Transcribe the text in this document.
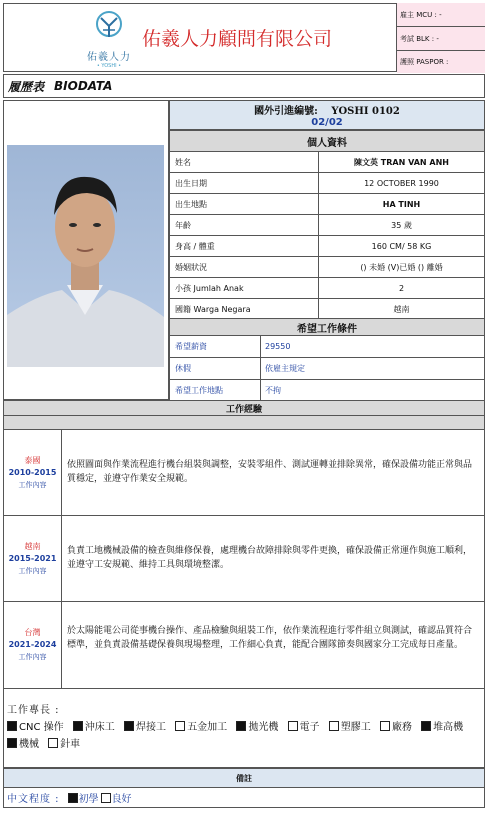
佑羲人力
• YOSHI •
佑羲人力顧問有限公司
雇主 MCU : -
考試 BLK : -
護照 PASPOR :
履歷表 BIODATA
國外引進編號: YOSHI 0102
02/02
個人資料
姓名	陳文英 TRAN VAN ANH
出生日期	12 OCTOBER 1990
出生地點	HA TINH
年齡	35 歲
身高 / 體重	160 CM/ 58 KG
婚姻狀況	() 未婚 (V)已婚 () 離婚
小孩 Jumlah Anak	2
國籍 Warga Negara	越南
希望工作條件
希望薪資	29550
休假	依雇主規定
希望工作地點	不拘
工作經驗
泰國
2010-2015
工作內容
依照圖面與作業流程進行機台組裝與調整，安裝零組件、測試運轉並排除異常，確保設備功能正常與品質穩定，並遵守作業安全規範。
越南
2015-2021
工作內容
負責工地機械設備的檢查與維修保養，處理機台故障排除與零件更換，確保設備正常運作與施工順利，並遵守工安規範、維持工具與環境整潔。
台灣
2021-2024
工作內容
於太陽能電公司從事機台操作、產品檢驗與組裝工作，依作業流程進行零件組立與測試，確認品質符合標準，並負責設備基礎保養與現場整理，工作細心負責，能配合團隊節奏與國家分工完成每日產量。
工作專長 :
CNC 操作 沖床工 焊接工 五金加工 拋光機 電子 塑膠工 廠務 堆高機
機械 針車
備註
中文程度 : 初學 良好
